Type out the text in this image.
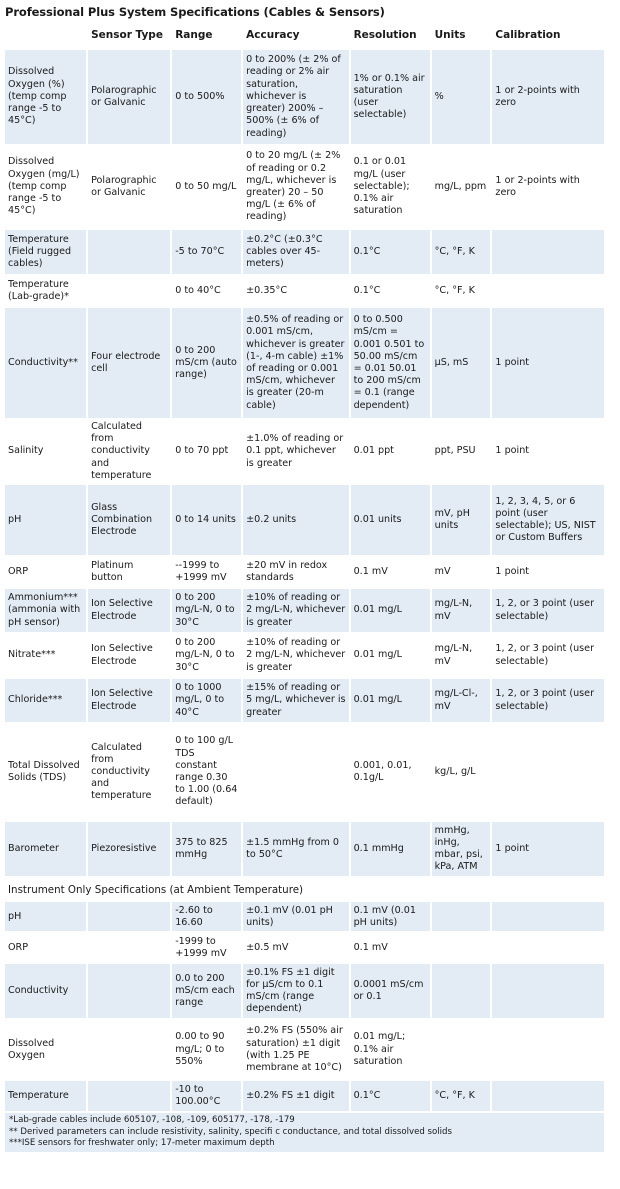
Professional Plus System Specifications (Cables & Sensors)
	Sensor Type	Range	Accuracy	Resolution	Units	Calibration
Dissolved Oxygen (%) (temp comp range -5 to 45°C)	Polarographic or Galvanic	0 to 500%	0 to 200% (± 2% of reading or 2% air saturation, whichever is greater) 200% – 500% (± 6% of reading)	1% or 0.1% air saturation (user selectable)	%	1 or 2-points with zero
Dissolved Oxygen (mg/L) (temp comp range -5 to 45°C)	Polarographic or Galvanic	0 to 50 mg/L	0 to 20 mg/L (± 2% of reading or 0.2 mg/L, whichever is greater) 20 – 50 mg/L (± 6% of reading)	0.1 or 0.01 mg/L (user selectable); 0.1% air saturation	mg/L, ppm	1 or 2-points with zero
Temperature (Field rugged cables)		-5 to 70°C	±0.2°C (±0.3°C cables over 45-meters)	0.1°C	°C, °F, K	
Temperature (Lab-grade)*		0 to 40°C	±0.35°C	0.1°C	°C, °F, K	
Conductivity**	Four electrode cell	0 to 200 mS/cm (auto range)	±0.5% of reading or 0.001 mS/cm, whichever is greater (1-, 4-m cable) ±1% of reading or 0.001 mS/cm, whichever is greater (20-m cable)	0 to 0.500 mS/cm = 0.001 0.501 to 50.00 mS/cm = 0.01 50.01 to 200 mS/cm = 0.1 (range dependent)	µS, mS	1 point
Salinity	Calculated from conductivity and temperature	0 to 70 ppt	±1.0% of reading or 0.1 ppt, whichever is greater	0.01 ppt	ppt, PSU	1 point
pH	Glass Combination Electrode	0 to 14 units	±0.2 units	0.01 units	mV, pH units	1, 2, 3, 4, 5, or 6 point (user selectable); US, NIST or Custom Buffers
ORP	Platinum button	--1999 to +1999 mV	±20 mV in redox standards	0.1 mV	mV	1 point
Ammonium*** (ammonia with pH sensor)	Ion Selective Electrode	0 to 200 mg/L-N, 0 to 30°C	±10% of reading or 2 mg/L-N, whichever is greater	0.01 mg/L	mg/L-N, mV	1, 2, or 3 point (user selectable)
Nitrate***	Ion Selective Electrode	0 to 200 mg/L-N, 0 to 30°C	±10% of reading or 2 mg/L-N, whichever is greater	0.01 mg/L	mg/L-N, mV	1, 2, or 3 point (user selectable)
Chloride***	Ion Selective Electrode	0 to 1000 mg/L, 0 to 40°C	±15% of reading or 5 mg/L, whichever is greater	0.01 mg/L	mg/L-Cl-, mV	1, 2, or 3 point (user selectable)
Total Dissolved Solids (TDS)	Calculated from conductivity and temperature	0 to 100 g/L TDS constant range 0.30 to 1.00 (0.64 default)		0.001, 0.01, 0.1g/L	kg/L, g/L	
Barometer	Piezoresistive	375 to 825 mmHg	±1.5 mmHg from 0 to 50°C	0.1 mmHg	mmHg, inHg, mbar, psi, kPa, ATM	1 point
Instrument Only Specifications (at Ambient Temperature)						
pH		-2.60 to 16.60	±0.1 mV (0.01 pH units)	0.1 mV (0.01 pH units)		
ORP		-1999 to +1999 mV	±0.5 mV	0.1 mV		
Conductivity		0.0 to 200 mS/cm each range	±0.1% FS ±1 digit for µS/cm to 0.1 mS/cm (range dependent)	0.0001 mS/cm or 0.1		
Dissolved Oxygen		0.00 to 90 mg/L; 0 to 550%	±0.2% FS (550% air saturation) ±1 digit (with 1.25 PE membrane at 10°C)	0.01 mg/L; 0.1% air saturation		
Temperature		-10 to 100.00°C	±0.2% FS ±1 digit	0.1°C	°C, °F, K	

*Lab-grade cables include 605107, -108, -109, 605177, -178, -179
** Derived parameters can include resistivity, salinity, specifi c conductance, and total dissolved solids
***ISE sensors for freshwater only; 17-meter maximum depth						
